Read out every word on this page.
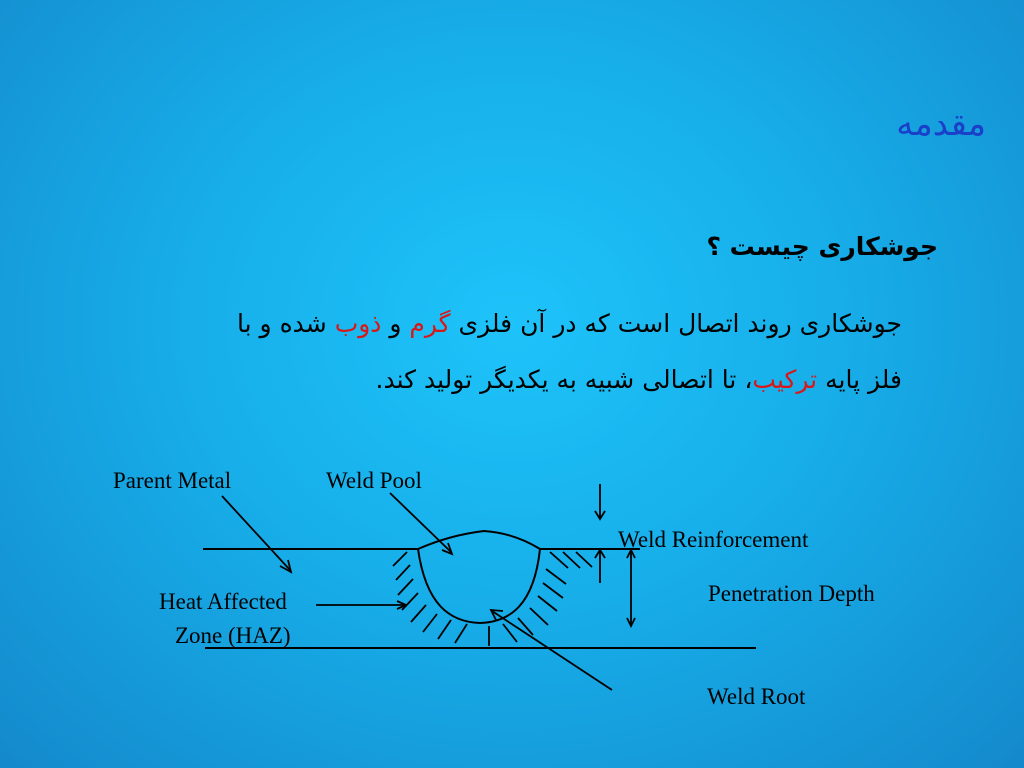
مقدمه
جوشکاری چیست ؟
جوشکاری روند اتصال است که در آن فلزی گرم و ذوب شده و با
فلز پایه ترکیب، تا اتصالی شبیه به یکدیگر تولید کند.
Parent Metal	Weld Pool
Weld Reinforcement
Penetration Depth
Heat Affected
Zone (HAZ)
Weld Root
